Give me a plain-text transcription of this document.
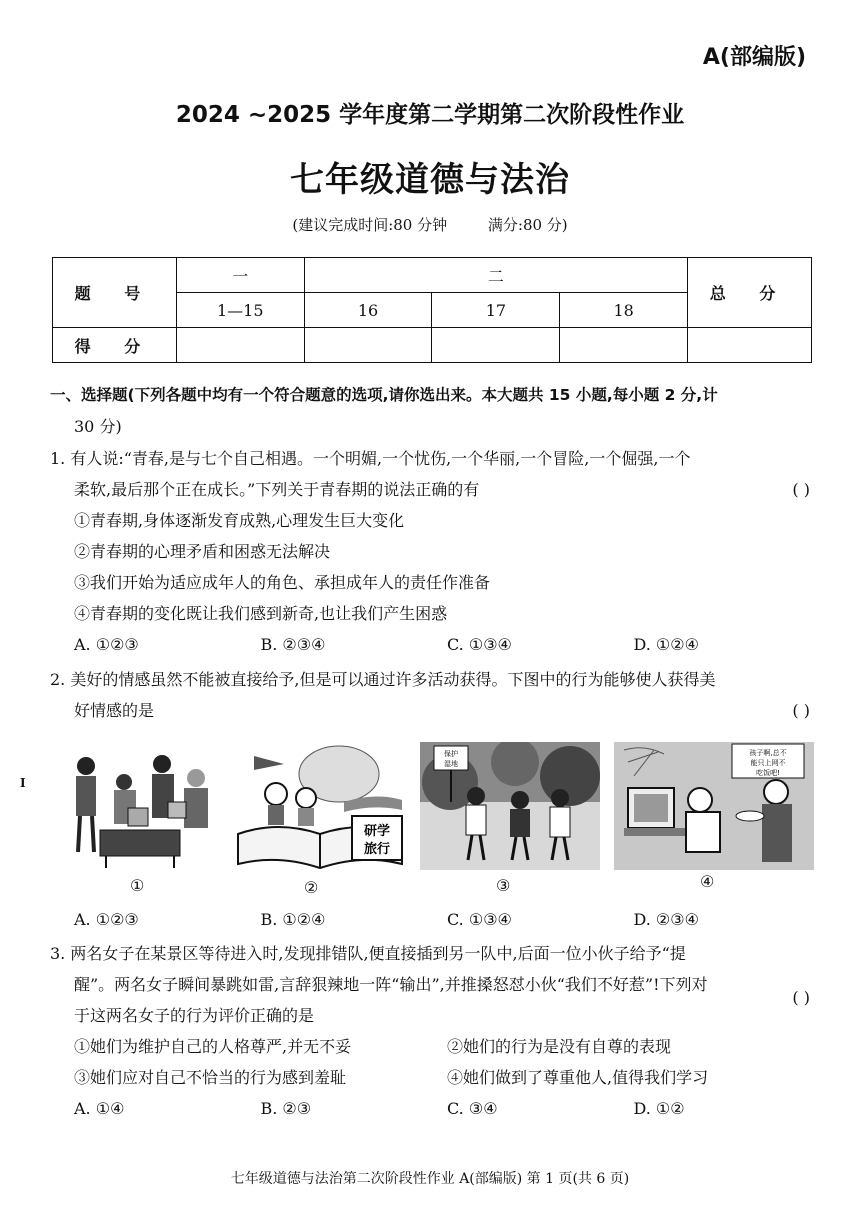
A(部编版)
2024 ~2025 学年度第二学期第二次阶段性作业
七年级道德与法治
(建议完成时间:80 分钟	满分:80 分)
题 号	一	二			总 分
	1—15	16	17	18	
得 分					
一、选择题(下列各题中均有一个符合题意的选项,请你选出来。本大题共 15 小题,每小题 2 分,计
30 分)
1. 有人说:“青春,是与七个自己相遇。一个明媚,一个忧伤,一个华丽,一个冒险,一个倔强,一个
柔软,最后那个正在成长。”下列关于青春期的说法正确的有	( )
①青春期,身体逐渐发育成熟,心理发生巨大变化
②青春期的心理矛盾和困惑无法解决
③我们开始为适应成年人的角色、承担成年人的责任作准备
④青春期的变化既让我们感到新奇,也让我们产生困惑
A. ①②③	B. ②③④	C. ①③④	D. ①②④
2. 美好的情感虽然不能被直接给予,但是可以通过许多活动获得。下图中的行为能够使人获得美
好情感的是	( )
I
研学
旅行
保护
湿地
孩子啊,总不
能只上网不
吃饭吧!
①	②	③	④
A. ①②③	B. ①②④	C. ①③④	D. ②③④
3. 两名女子在某景区等待进入时,发现排错队,便直接插到另一队中,后面一位小伙子给予“提
醒”。两名女子瞬间暴跳如雷,言辞狠辣地一阵“输出”,并推搡怒怼小伙“我们不好惹”!下列对
于这两名女子的行为评价正确的是
( )
①她们为维护自己的人格尊严,并无不妥	②她们的行为是没有自尊的表现
③她们应对自己不恰当的行为感到羞耻	④她们做到了尊重他人,值得我们学习
A. ①④	B. ②③	C. ③④	D. ①②
七年级道德与法治第二次阶段性作业 A(部编版) 第 1 页(共 6 页)
